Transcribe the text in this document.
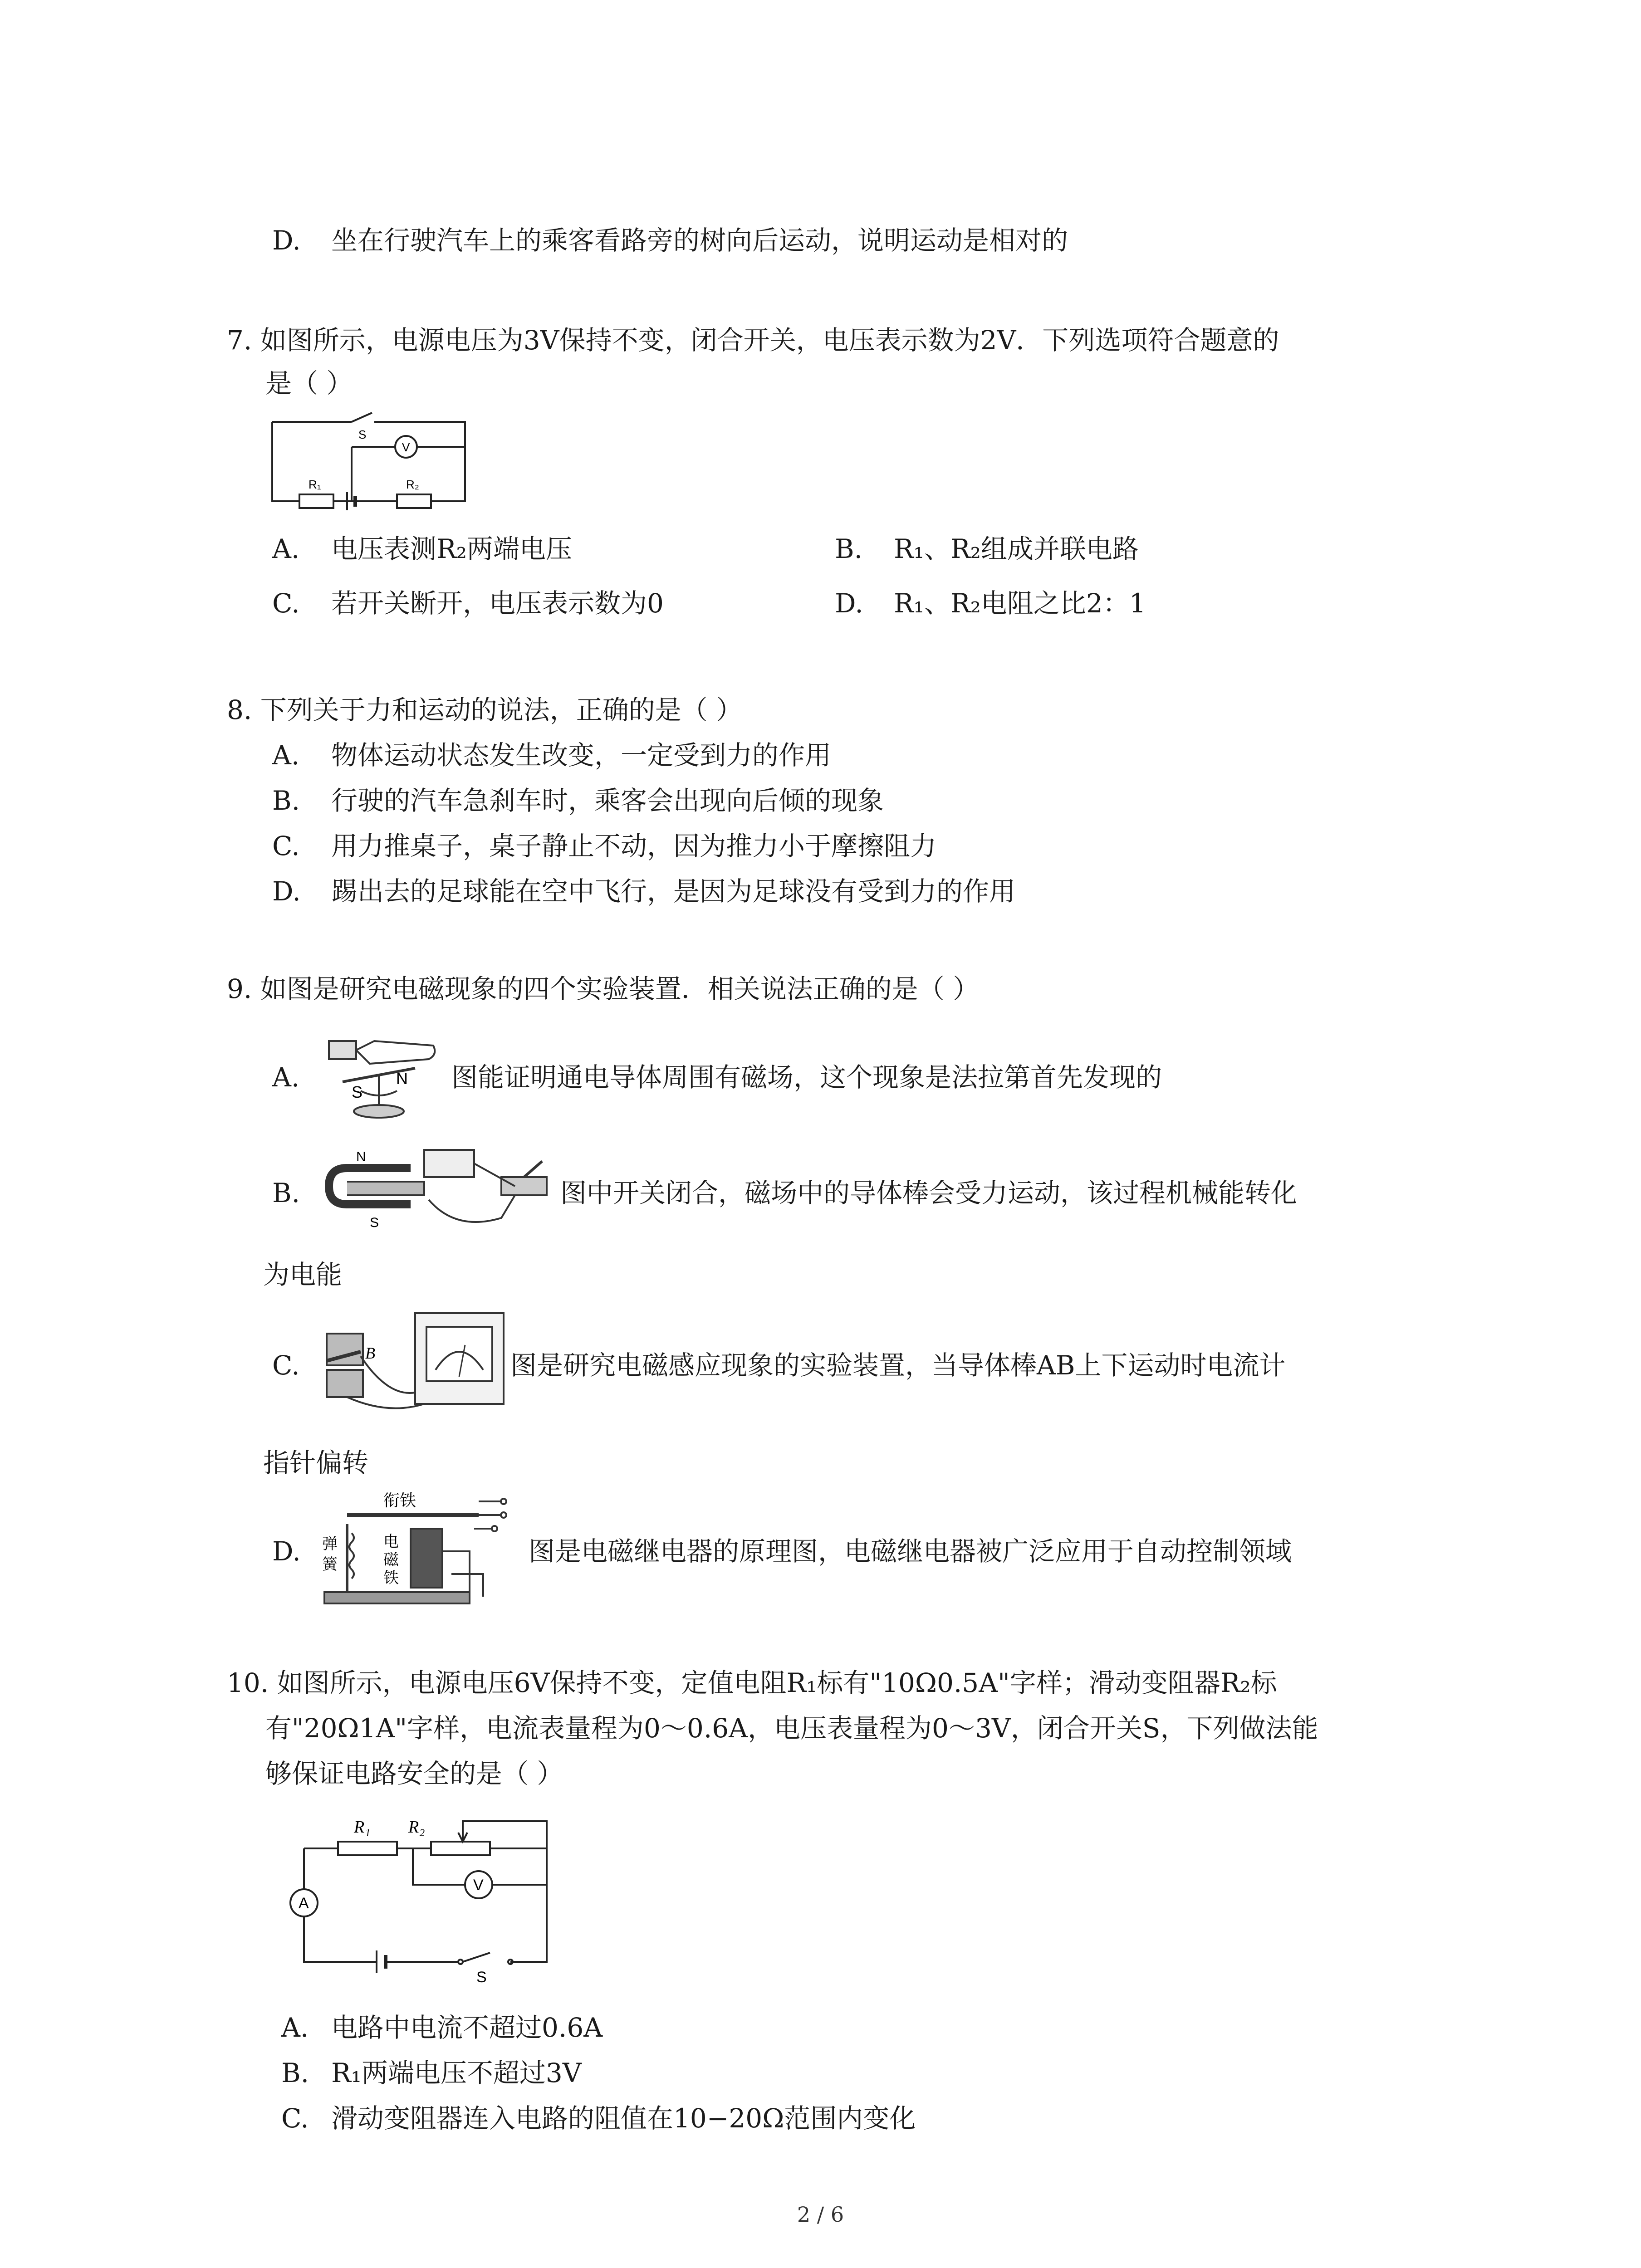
D. 坐在行驶汽车上的乘客看路旁的树向后运动，说明运动是相对的
7. 如图所示，电源电压为3V保持不变，闭合开关，电压表示数为2V．下列选项符合题意的
是（ ）
S
V
R₁	R₂
A. 电压表测R₂两端电压	B. R₁、R₂组成并联电路
C. 若开关断开，电压表示数为0	D. R₁、R₂电阻之比2：1
8. 下列关于力和运动的说法，正确的是（ ）
A. 物体运动状态发生改变，一定受到力的作用
B. 行驶的汽车急刹车时，乘客会出现向后倾的现象
C. 用力推桌子，桌子静止不动，因为推力小于摩擦阻力
D. 踢出去的足球能在空中飞行，是因为足球没有受到力的作用
9. 如图是研究电磁现象的四个实验装置．相关说法正确的是（ ）
A.	S
N 图能证明通电导体周围有磁场，这个现象是法拉第首先发现的
B.
N
S
图中开关闭合，磁场中的导体棒会受力运动，该过程机械能转化
为电能
C.	B	图是研究电磁感应现象的实验装置，当导体棒AB上下运动时电流计
指针偏转
D.
衔铁
弹
簧
电
磁
铁
图是电磁继电器的原理图，电磁继电器被广泛应用于自动控制领域
10. 如图所示，电源电压6V保持不变，定值电阻R₁标有"10Ω0.5A"字样；滑动变阻器R₂标
有"20Ω1A"字样，电流表量程为0～0.6A，电压表量程为0～3V，闭合开关S，下列做法能
够保证电路安全的是（ ）
R₁ R₂
A
V
S
A. 电路中电流不超过0.6A
B. R₁两端电压不超过3V
C. 滑动变阻器连入电路的阻值在10−20Ω范围内变化
2 / 6
